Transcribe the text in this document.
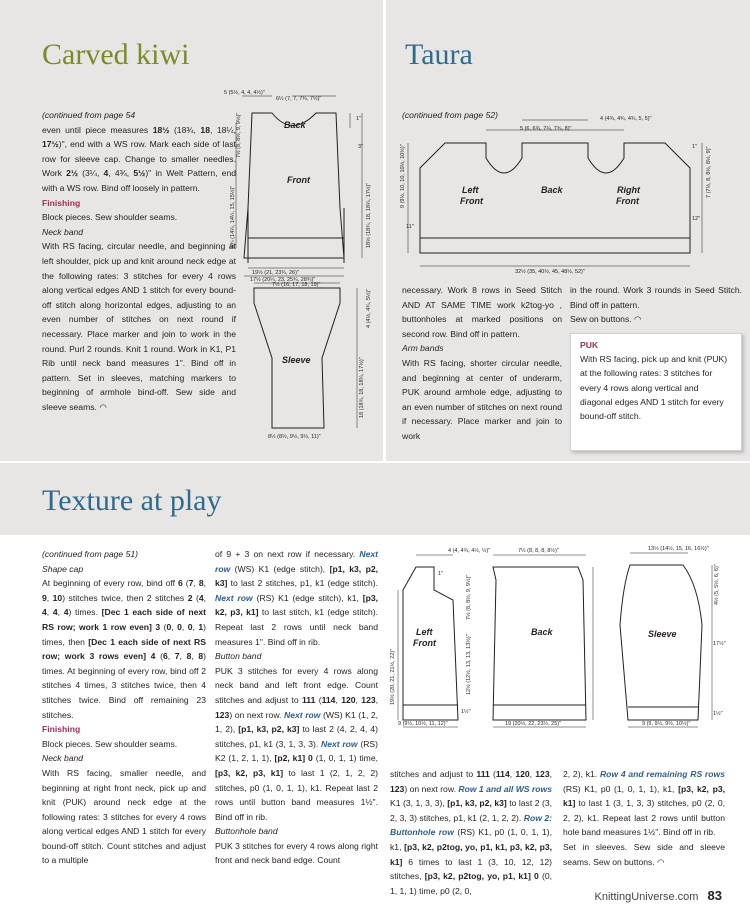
Carved kiwi	Taura
Texture at play

(continued from page 54

even until piece measures 18½ (18¾, 18, 18¼, 17½)", end with a WS row. Mark each side of last row for sleeve cap. Change to smaller needles. Work 2½ (3¼, 4, 4¾, 5½)" in Welt Pattern, end with a WS row. Bind off loosely in pattern.

Finishing

Block pieces. Sew shoulder seams.

Neck band

With RS facing, circular needle, and beginning at left shoulder, pick up and knit around neck edge at the following rates: 3 stitches for every 4 rows along vertical edges AND 1 stitch for every bound-off stitch along horizontal edges, adjusting to an even number of stitches on next round if necessary. Place marker and join to work in the round. Purl 2 rounds. Knit 1 round. Work in K1, P1 Rib until neck band measures 1". Bind off in pattern. Set in sleeves, matching markers to beginning of armhole bind-off. Sew side and sleeve seams. ◠

Back
Front
Sleeve
5 (5½, 4, 4, 4½)"
6½ (7, 7, 7¾, 7½)"
1"
3"
19½ (21, 23¾, 26)"
17½ (20¼, 23, 25¾, 28¾)"
7½ (16, 17, 18, 19)"
8½ (8½, 9½, 9½, 11)"
7½ (8, 8½, 9, 9½)"
5¾ (14¼, 14¼, 15, 15½)"	18½ (18¾, 18, 18¼, 17½)"
4 (4½, 4¾, 5½)"
18 (18¾, 18, 18¼, 17½)"
Left
Front
Back	Right
Front
4 (4¾, 4¾, 4¾, 5, 5)"
5 (6, 6¾, 7¼, 7¾, 8)"
1"
12"
11"
32½ (35, 40½, 45, 48½, 52)"
9 (9½, 10, 10, 10½, 10½)"	7 (7½, 8, 8½, 8½, 9)"

(continued from page 52)

necessary. Work 8 rows in Seed Stitch AND AT SAME TIME work k2tog-yo , buttonholes at marked positions on second row. Bind off in pattern.

Arm bands

With RS facing, shorter circular needle, and beginning at center of underarm, PUK around armhole edge, adjusting to an even number of stitches on next round if necessary. Place marker and join to work

in the round. Work 3 rounds in Seed Stitch. Bind off in pattern.

Sew on buttons. ◠

PUK
With RS facing, pick up and knit (PUK) at the following rates: 3 stitches for every 4 rows along vertical and diagonal edges AND 1 stitch for every bound-off stitch.

(continued from page 51)

Shape cap

At beginning of every row, bind off 6 (7, 8, 9, 10) stitches twice, then 2 stitches 2 (4, 4, 4, 4) times. [Dec 1 each side of next RS row; work 1 row even] 3 (0, 0, 0, 1) times, then [Dec 1 each side of next RS row; work 3 rows even] 4 (6, 7, 8, 8) times. At beginning of every row, bind off 2 stitches 4 times, 3 stitches twice, then 4 stitches twice. Bind off remaining 23 stitches.

Finishing

Block pieces. Sew shoulder seams.

Neck band

With RS facing, smaller needle, and beginning at right front neck, pick up and knit (PUK) around neck edge at the following rates: 3 stitches for every 4 rows along vertical edges AND 1 stitch for every bound-off stitch. Count stitches and adjust to a multiple

of 9 + 3 on next row if necessary. Next row (WS) K1 (edge stitch), [p1, k3, p2, k3] to last 2 stitches, p1, k1 (edge stitch). Next row (RS) K1 (edge stitch), k1, [p3, k2, p3, k1] to last stitch, k1 (edge stitch). Repeat last 2 rows until neck band measures 1". Bind off in rib.

Button band

PUK 3 stitches for every 4 rows along neck band and left front edge. Count stitches and adjust to 111 (114, 120, 123, 123) on next row. Next row (WS) K1 (1, 2, 1, 2), [p1, k3, p2, k3] to last 2 (4, 2, 4, 4) stitches, p1, k1 (3, 1, 3, 3). Next row (RS) K2 (1, 2, 1, 1), [p2, k1] 0 (1, 0, 1, 1) time, [p3, k2, p3, k1] to last 1 (2, 1, 2, 2) stitches, p0 (1, 0, 1, 1), k1. Repeat last 2 rows until button band measures 1½". Bind off in rib.

Buttonhole band

PUK 3 stitches for every 4 rows along right front and neck band edge. Count

Left
Front
Back	Sleeve
4 (4, 4¾, 4½, ½)"	7½ (8, 8, 8, 8½)"
1"
1½"
9 (9½, 10½, 11, 12)"	19 (20½, 22, 23½, 25)"
13½ (14½, 15, 16, 16½)"
17½"
1½"
9 (9, 9½, 9½, 10½)"
7½ (8, 8½, 9, 9½)"
19½ (20, 21, 21½, 22)"	12½ (12½, 13, 13, 13½)"
4½ (5, 5½, 6, 6)"

stitches and adjust to 111 (114, 120, 123, 123) on next row. Row 1 and all WS rows K1 (3, 1, 3, 3), [p1, k3, p2, k3] to last 2 (3, 2, 3, 3) stitches, p1, k1 (2, 1, 2, 2). Row 2: Buttonhole row (RS) K1, p0 (1, 0, 1, 1), k1, [p3, k2, p2tog, yo, p1, k1, p3, k2, p3, k1] 6 times to last 1 (3, 10, 12, 12) stitches, [p3, k2, p2tog, yo, p1, k1] 0 (0, 1, 1, 1) time, p0 (2, 0,

2, 2), k1. Row 4 and remaining RS rows (RS) K1, p0 (1, 0, 1, 1), k1, [p3, k2, p3, k1] to last 1 (3, 1, 3, 3) stitches, p0 (2, 0, 2, 2), k1. Repeat last 2 rows until button hole band measures 1½". Bind off in rib.

Set in sleeves. Sew side and sleeve seams. Sew on buttons. ◠

KnittingUniverse.com 83
